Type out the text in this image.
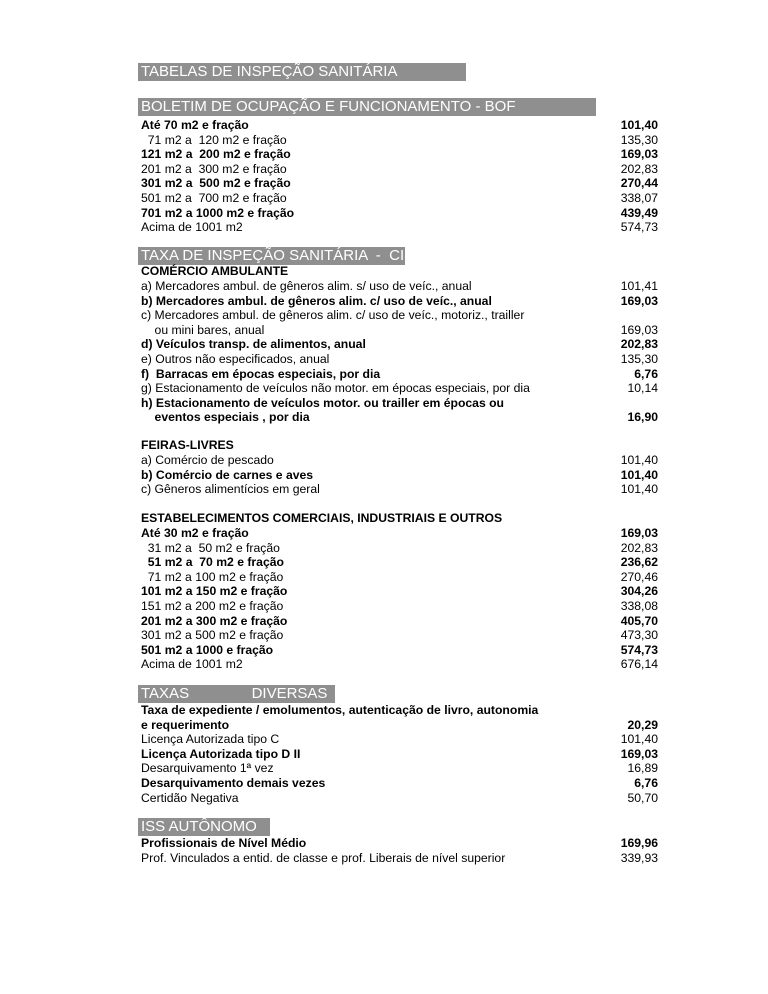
TABELAS DE INSPEÇÃO SANITÁRIA
BOLETIM DE OCUPAÇÃO E FUNCIONAMENTO - BOF
TAXA DE INSPEÇÃO SANITÁRIA  -  CIS
COMÉRCIO AMBULANTE
FEIRAS-LIVRES
ESTABELECIMENTOS COMERCIAIS, INDUSTRIAIS E OUTROS
TAXAS               DIVERSAS
ISS AUTÔNOMO
Até 70 m2 e fração	101,40
71 m2 a  120 m2 e fração	135,30
121 m2 a  200 m2 e fração	169,03
201 m2 a  300 m2 e fração	202,83
301 m2 a  500 m2 e fração	270,44
501 m2 a  700 m2 e fração	338,07
701 m2 a 1000 m2 e fração	439,49
Acima de 1001 m2	574,73
a) Mercadores ambul. de gêneros alim. s/ uso de veíc., anual	101,41
b) Mercadores ambul. de gêneros alim. c/ uso de veíc., anual	169,03
c) Mercadores ambul. de gêneros alim. c/ uso de veíc., motoriz., trailler
ou mini bares, anual	169,03
d) Veículos transp. de alimentos, anual	202,83
e) Outros não especificados, anual	135,30
f)  Barracas em épocas especiais, por dia	6,76
g) Estacionamento de veículos não motor. em épocas especiais, por dia	10,14
h) Estacionamento de veículos motor. ou trailler em épocas ou
eventos especiais , por dia	16,90
a) Comércio de pescado	101,40
b) Comércio de carnes e aves	101,40
c) Gêneros alimentícios em geral	101,40
Até 30 m2 e fração	169,03
31 m2 a  50 m2 e fração	202,83
51 m2 a  70 m2 e fração	236,62
71 m2 a 100 m2 e fração	270,46
101 m2 a 150 m2 e fração	304,26
151 m2 a 200 m2 e fração	338,08
201 m2 a 300 m2 e fração	405,70
301 m2 a 500 m2 e fração	473,30
501 m2 a 1000 e fração	574,73
Acima de 1001 m2	676,14
Taxa de expediente / emolumentos, autenticação de livro, autonomia
e requerimento	20,29
Licença Autorizada tipo C	101,40
Licença Autorizada tipo D II	169,03
Desarquivamento 1ª vez	16,89
Desarquivamento demais vezes	6,76
Certidão Negativa	50,70
Profissionais de Nível Médio	169,96
Prof. Vinculados a entid. de classe e prof. Liberais de nível superior	339,93
